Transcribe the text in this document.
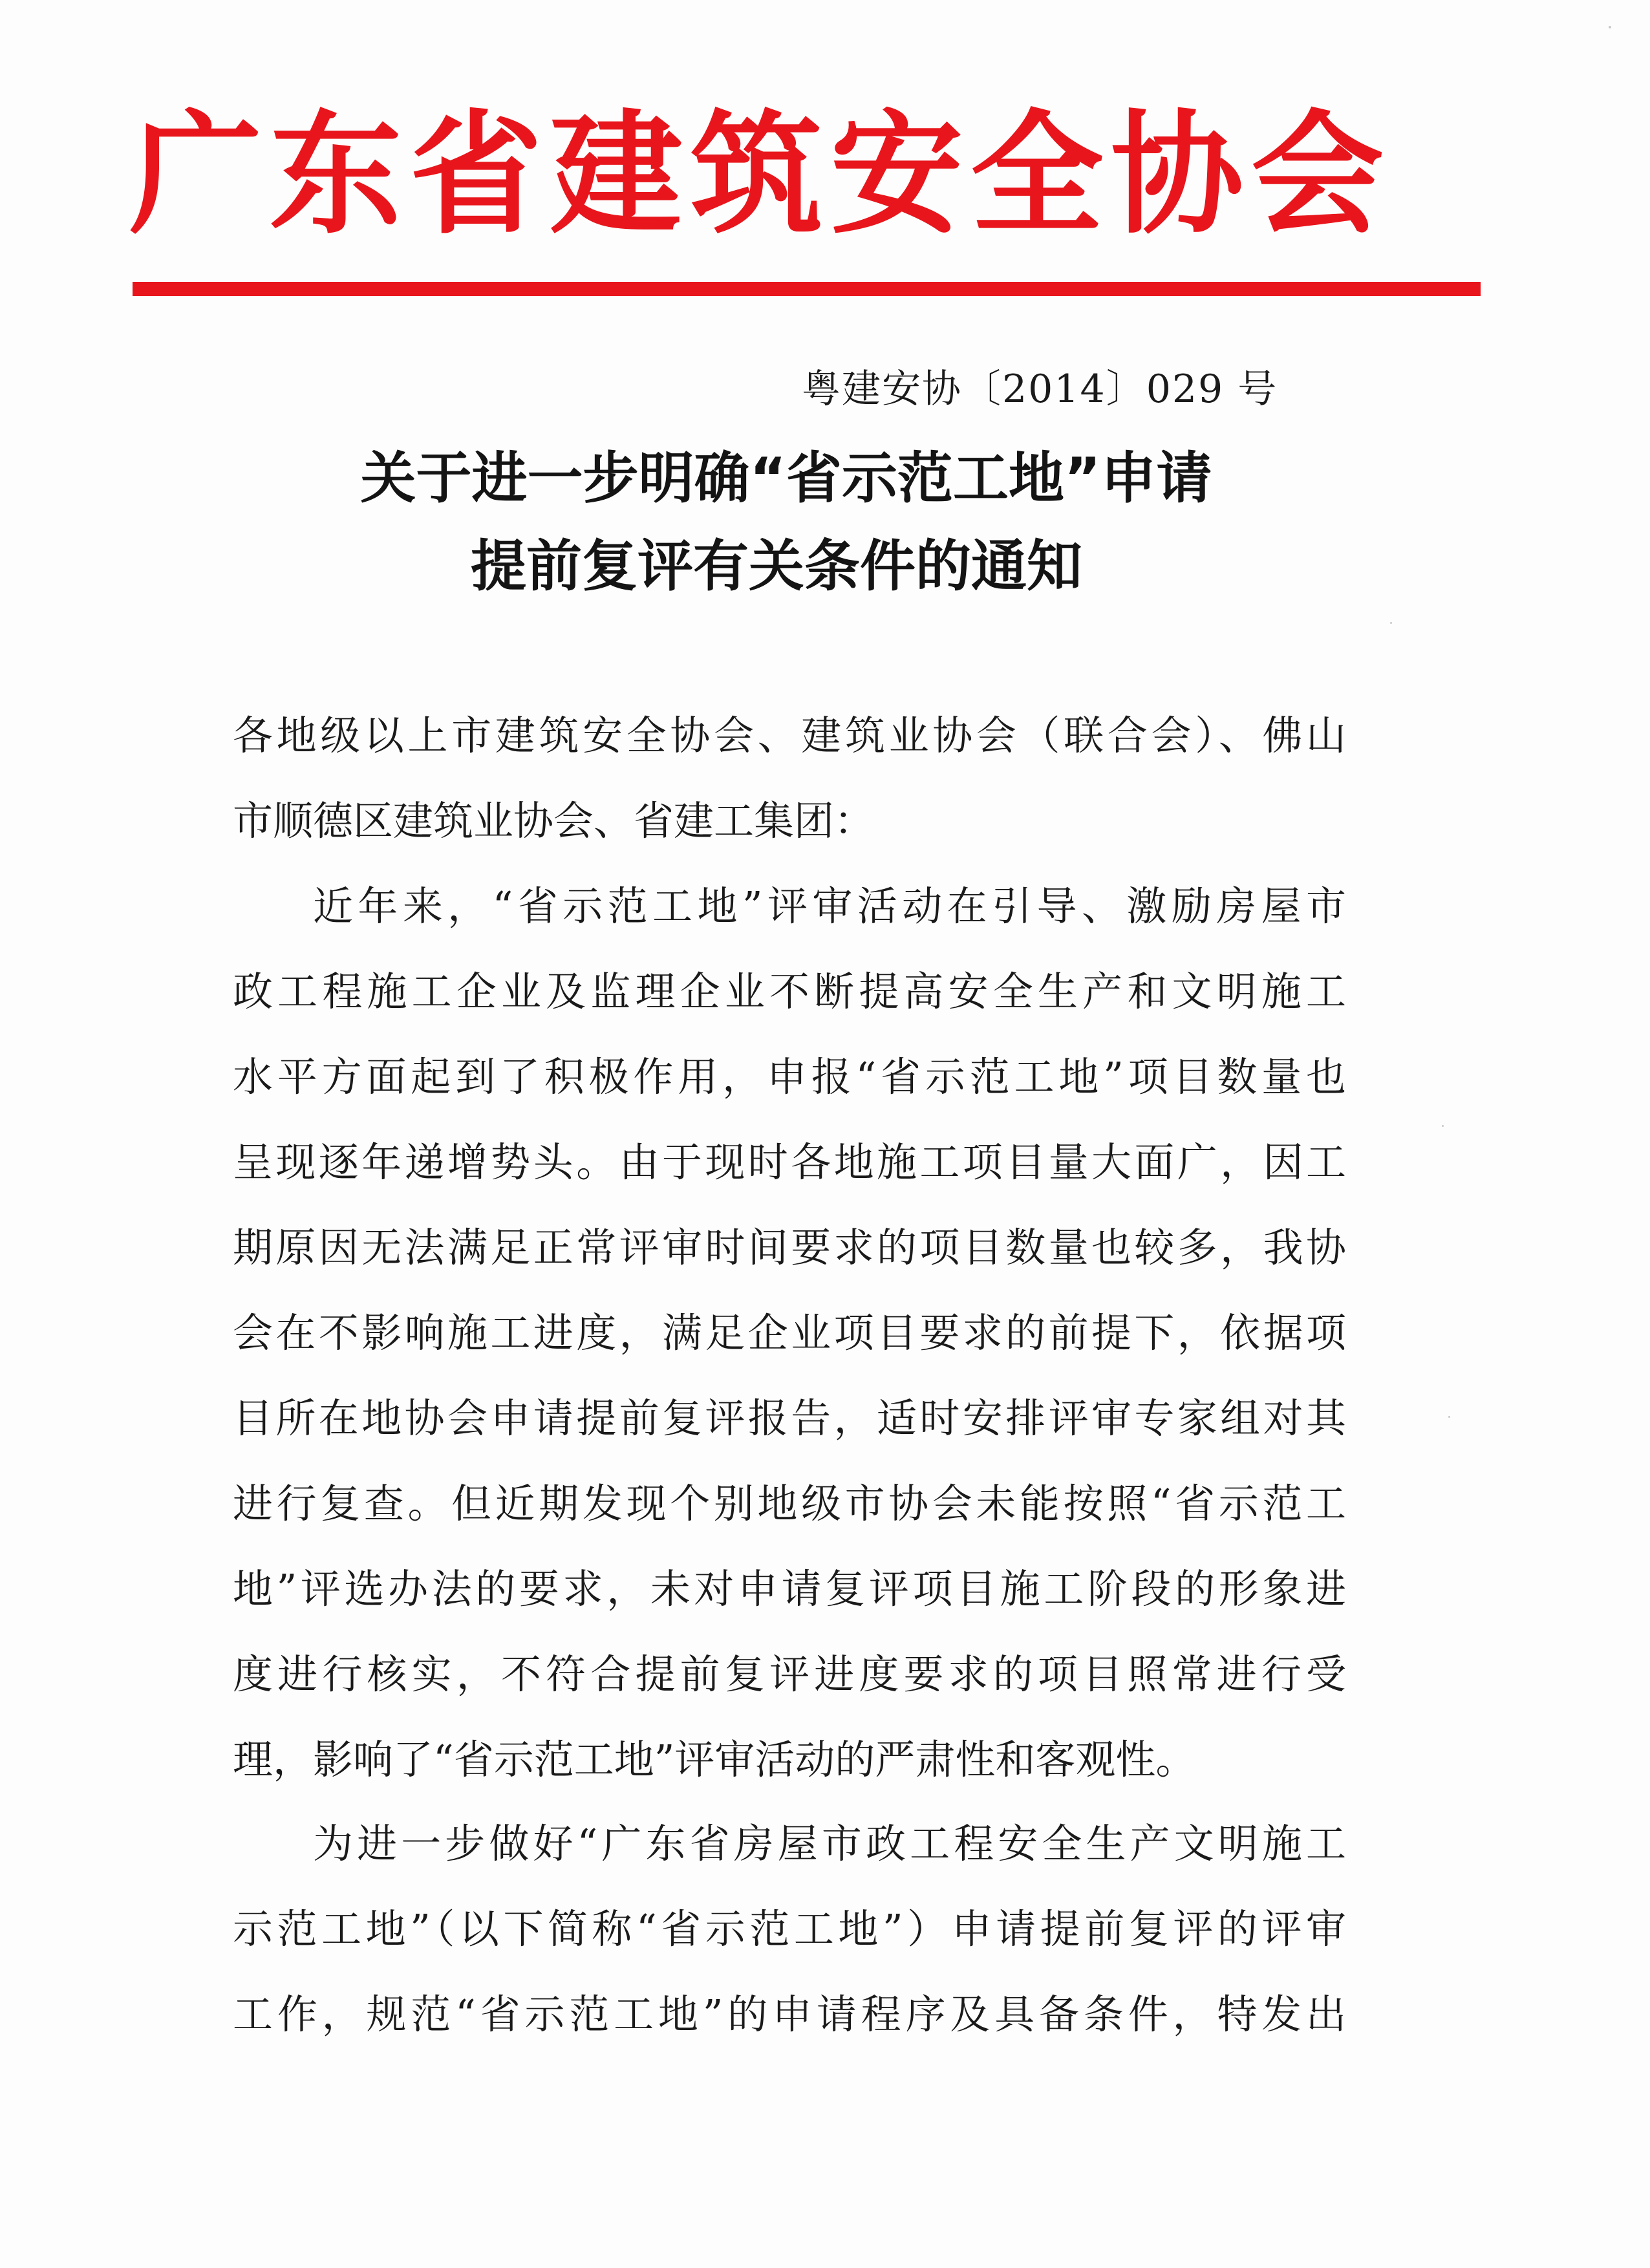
广 东 省 建 筑 安 全 协 会
粤建安协〔2014〕029 号
关于进一步明确“省示范工地”申请
提前复评有关条件的通知
各地级以上市建筑安全协会、建筑业协会（联合会）、佛山
市顺德区建筑业协会、省建工集团：
近年来，“省示范工地”评审活动在引导、激励房屋市
政工程施工企业及监理企业不断提高安全生产和文明施工
水平方面起到了积极作用，申报“省示范工地”项目数量也
呈现逐年递增势头。由于现时各地施工项目量大面广，因工
期原因无法满足正常评审时间要求的项目数量也较多，我协
会在不影响施工进度，满足企业项目要求的前提下，依据项
目所在地协会申请提前复评报告，适时安排评审专家组对其
进行复查。但近期发现个别地级市协会未能按照“省示范工
地”评选办法的要求，未对申请复评项目施工阶段的形象进
度进行核实，不符合提前复评进度要求的项目照常进行受
理，影响了“省示范工地”评审活动的严肃性和客观性。
为进一步做好“广东省房屋市政工程安全生产文明施工
示范工地”（以下简称“省示范工地”）申请提前复评的评审
工作，规范“省示范工地”的申请程序及具备条件，特发出
